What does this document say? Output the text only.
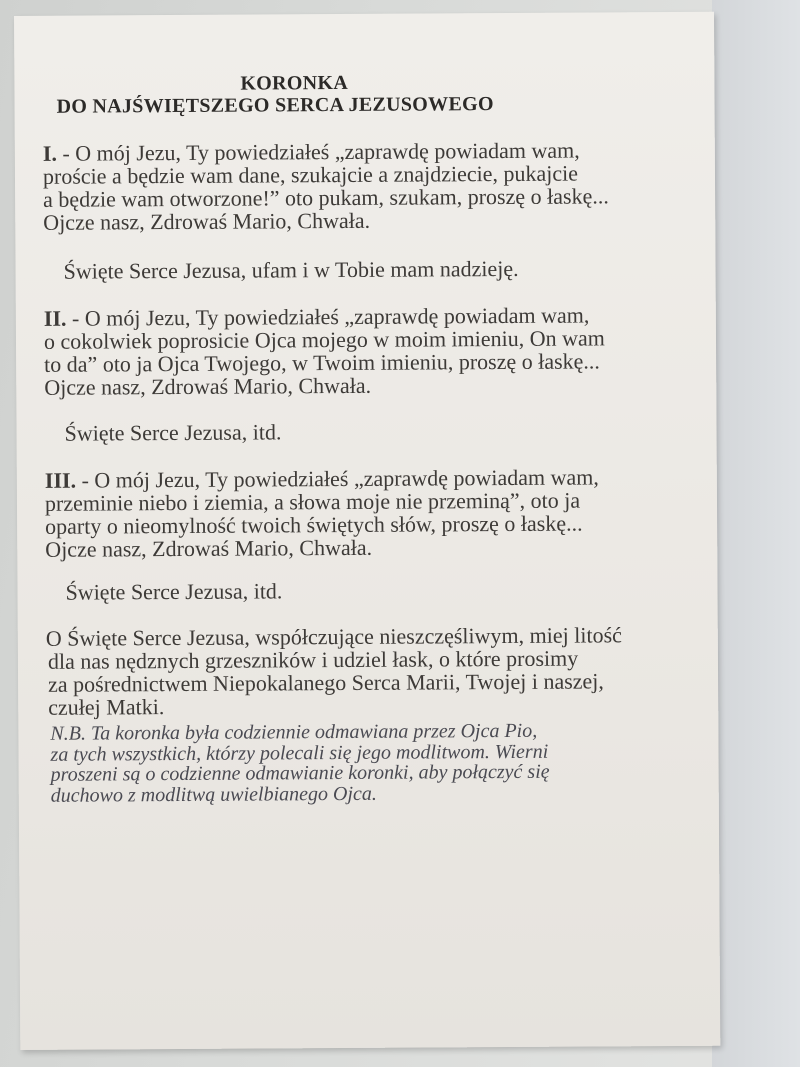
KORONKA
DO NAJŚWIĘTSZEGO SERCA JEZUSOWEGO
I. - O mój Jezu, Ty powiedziałeś „zaprawdę powiadam wam,
proście a będzie wam dane, szukajcie a znajdziecie, pukajcie
a będzie wam otworzone!” oto pukam, szukam, proszę o łaskę...
Ojcze nasz, Zdrowaś Mario, Chwała.
Święte Serce Jezusa, ufam i w Tobie mam nadzieję.
II. - O mój Jezu, Ty powiedziałeś „zaprawdę powiadam wam,
o cokolwiek poprosicie Ojca mojego w moim imieniu, On wam
to da” oto ja Ojca Twojego, w Twoim imieniu, proszę o łaskę...
Ojcze nasz, Zdrowaś Mario, Chwała.
Święte Serce Jezusa, itd.
III. - O mój Jezu, Ty powiedziałeś „zaprawdę powiadam wam,
przeminie niebo i ziemia, a słowa moje nie przeminą”, oto ja
oparty o nieomylność twoich świętych słów, proszę o łaskę...
Ojcze nasz, Zdrowaś Mario, Chwała.
Święte Serce Jezusa, itd.
O Święte Serce Jezusa, współczujące nieszczęśliwym, miej litość
dla nas nędznych grzeszników i udziel łask, o które prosimy
za pośrednictwem Niepokalanego Serca Marii, Twojej i naszej,
czułej Matki.
N.B. Ta koronka była codziennie odmawiana przez Ojca Pio,
za tych wszystkich, którzy polecali się jego modlitwom. Wierni
proszeni są o codzienne odmawianie koronki, aby połączyć się
duchowo z modlitwą uwielbianego Ojca.
